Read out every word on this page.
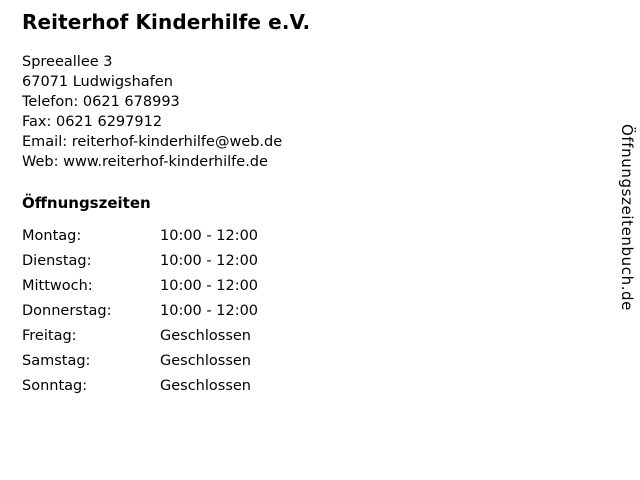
Reiterhof Kinderhilfe e.V.
Spreeallee 3
67071 Ludwigshafen
Telefon: 0621 678993
Fax: 0621 6297912
Email: reiterhof-kinderhilfe@web.de
Web: www.reiterhof-kinderhilfe.de
Öffnungszeiten
Montag:	10:00 - 12:00
Dienstag:	10:00 - 12:00
Mittwoch:	10:00 - 12:00
Donnerstag:	10:00 - 12:00
Freitag:	Geschlossen
Samstag:	Geschlossen
Sonntag:	Geschlossen
Öffnungszeitenbuch.de
